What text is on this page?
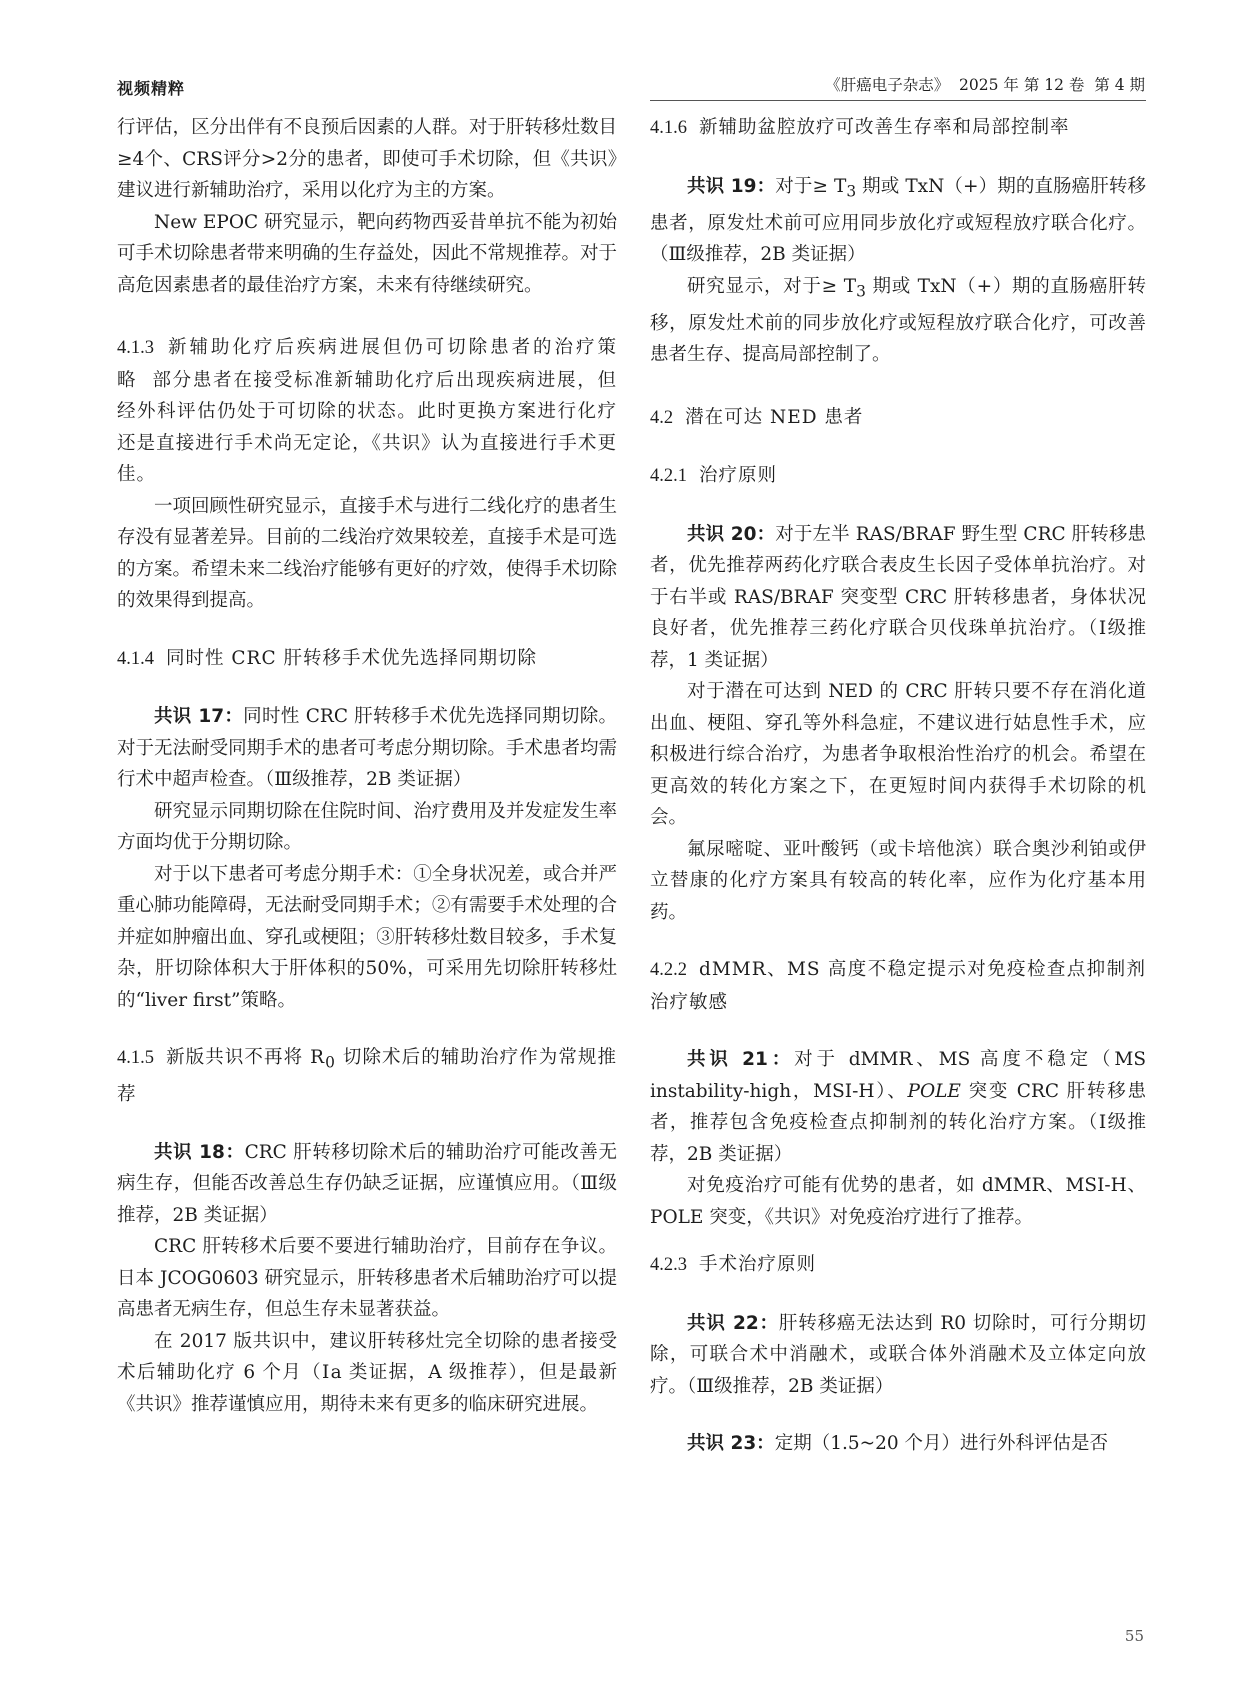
视频精粹	《肝癌电子杂志》  2025 年 第 12 卷  第 4 期

行评估，区分出伴有不良预后因素的人群。对于肝转移灶数目≥4个、CRS评分>2分的患者，即使可手术切除，但《共识》建议进行新辅助治疗，采用以化疗为主的方案。

New EPOC 研究显示，靶向药物西妥昔单抗不能为初始可手术切除患者带来明确的生存益处，因此不常规推荐。对于高危因素患者的最佳治疗方案，未来有待继续研究。

4.1.3 新辅助化疗后疾病进展但仍可切除患者的治疗策略 部分患者在接受标准新辅助化疗后出现疾病进展，但经外科评估仍处于可切除的状态。此时更换方案进行化疗还是直接进行手术尚无定论，《共识》认为直接进行手术更佳。

一项回顾性研究显示，直接手术与进行二线化疗的患者生存没有显著差异。目前的二线治疗效果较差，直接手术是可选的方案。希望未来二线治疗能够有更好的疗效，使得手术切除的效果得到提高。

4.1.4 同时性 CRC 肝转移手术优先选择同期切除

共识 17：同时性 CRC 肝转移手术优先选择同期切除。对于无法耐受同期手术的患者可考虑分期切除。手术患者均需行术中超声检查。（Ⅲ级推荐，2B 类证据）

研究显示同期切除在住院时间、治疗费用及并发症发生率方面均优于分期切除。

对于以下患者可考虑分期手术：①全身状况差，或合并严重心肺功能障碍，无法耐受同期手术；②有需要手术处理的合并症如肿瘤出血、穿孔或梗阻；③肝转移灶数目较多，手术复杂，肝切除体积大于肝体积的50%，可采用先切除肝转移灶的“liver first”策略。

4.1.5 新版共识不再将 $R_0$ 切除术后的辅助治疗作为常规推荐

共识 18：CRC 肝转移切除术后的辅助治疗可能改善无病生存，但能否改善总生存仍缺乏证据，应谨慎应用。（Ⅲ级推荐，2B 类证据）

CRC 肝转移术后要不要进行辅助治疗，目前存在争议。日本 JCOG0603 研究显示，肝转移患者术后辅助治疗可以提高患者无病生存，但总生存未显著获益。

在 2017 版共识中，建议肝转移灶完全切除的患者接受术后辅助化疗 6 个月（Ⅰa 类证据，A 级推荐），但是最新《共识》推荐谨慎应用，期待未来有更多的临床研究进展。

4.1.6 新辅助盆腔放疗可改善生存率和局部控制率

共识 19：对于≥ $T_3$ 期或 TxN（+）期的直肠癌肝转移患者，原发灶术前可应用同步放化疗或短程放疗联合化疗。（Ⅲ级推荐，2B 类证据）

研究显示，对于≥ $T_3$ 期或 TxN（+）期的直肠癌肝转移，原发灶术前的同步放化疗或短程放疗联合化疗，可改善患者生存、提高局部控制了。

4.2 潜在可达 NED 患者

4.2.1 治疗原则

共识 20：对于左半 RAS/BRAF 野生型 CRC 肝转移患者，优先推荐两药化疗联合表皮生长因子受体单抗治疗。对于右半或 RAS/BRAF 突变型 CRC 肝转移患者，身体状况良好者，优先推荐三药化疗联合贝伐珠单抗治疗。（Ⅰ级推荐，1 类证据）

对于潜在可达到 NED 的 CRC 肝转只要不存在消化道出血、梗阻、穿孔等外科急症，不建议进行姑息性手术，应积极进行综合治疗，为患者争取根治性治疗的机会。希望在更高效的转化方案之下，在更短时间内获得手术切除的机会。

氟尿嘧啶、亚叶酸钙（或卡培他滨）联合奥沙利铂或伊立替康的化疗方案具有较高的转化率，应作为化疗基本用药。

4.2.2 dMMR、MS 高度不稳定提示对免疫检查点抑制剂治疗敏感

共识 21：对于 dMMR、MS 高度不稳定（MS instability-high，MSI-H）、POLE 突变 CRC 肝转移患者，推荐包含免疫检查点抑制剂的转化治疗方案。（Ⅰ级推荐，2B 类证据）

对免疫治疗可能有优势的患者，如 dMMR、MSI-H、POLE 突变，《共识》对免疫治疗进行了推荐。

4.2.3 手术治疗原则

共识 22：肝转移癌无法达到 R0 切除时，可行分期切除，可联合术中消融术，或联合体外消融术及立体定向放疗。（Ⅲ级推荐，2B 类证据）

共识 23：定期（1.5~20 个月）进行外科评估是否

55
